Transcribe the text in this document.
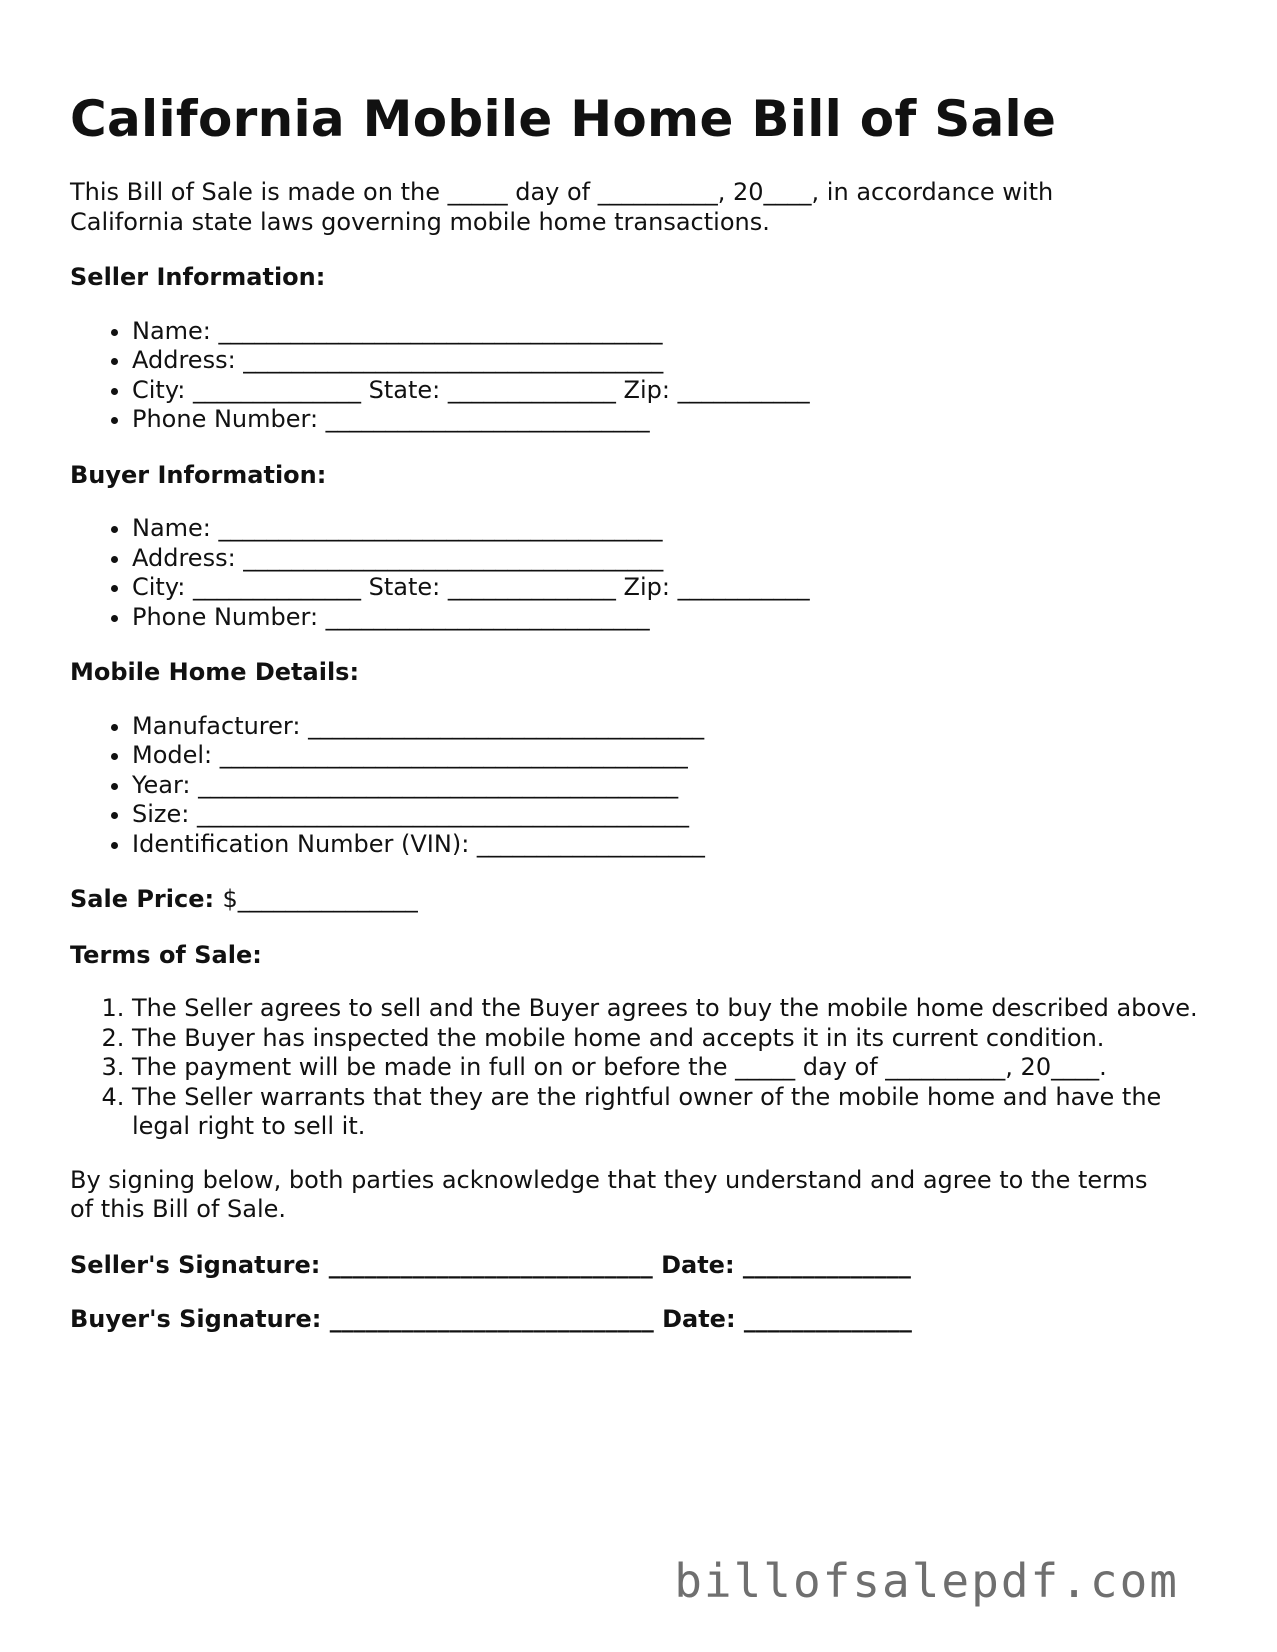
California Mobile Home Bill of Sale

This Bill of Sale is made on the _____ day of __________, 20____, in accordance with
California state laws governing mobile home transactions.

Seller Information:
• Name: _____________________________________
• Address: ___________________________________
• City: ______________ State: ______________ Zip: ___________
• Phone Number: ___________________________
Buyer Information:
• Name: _____________________________________
• Address: ___________________________________
• City: ______________ State: ______________ Zip: ___________
• Phone Number: ___________________________
Mobile Home Details:
• Manufacturer: _________________________________
• Model: _______________________________________
• Year: ________________________________________
• Size: _________________________________________
• Identification Number (VIN): ___________________
Sale Price: $_______________
Terms of Sale:
1. The Seller agrees to sell and the Buyer agrees to buy the mobile home described above.
2. The Buyer has inspected the mobile home and accepts it in its current condition.
3. The payment will be made in full on or before the _____ day of __________, 20____.
4. The Seller warrants that they are the rightful owner of the mobile home and have the legal right to sell it.

By signing below, both parties acknowledge that they understand and agree to the terms
of this Bill of Sale.

Seller's Signature: ___________________________ Date: ______________
Buyer's Signature: ___________________________ Date: ______________
billofsalepdf.com
